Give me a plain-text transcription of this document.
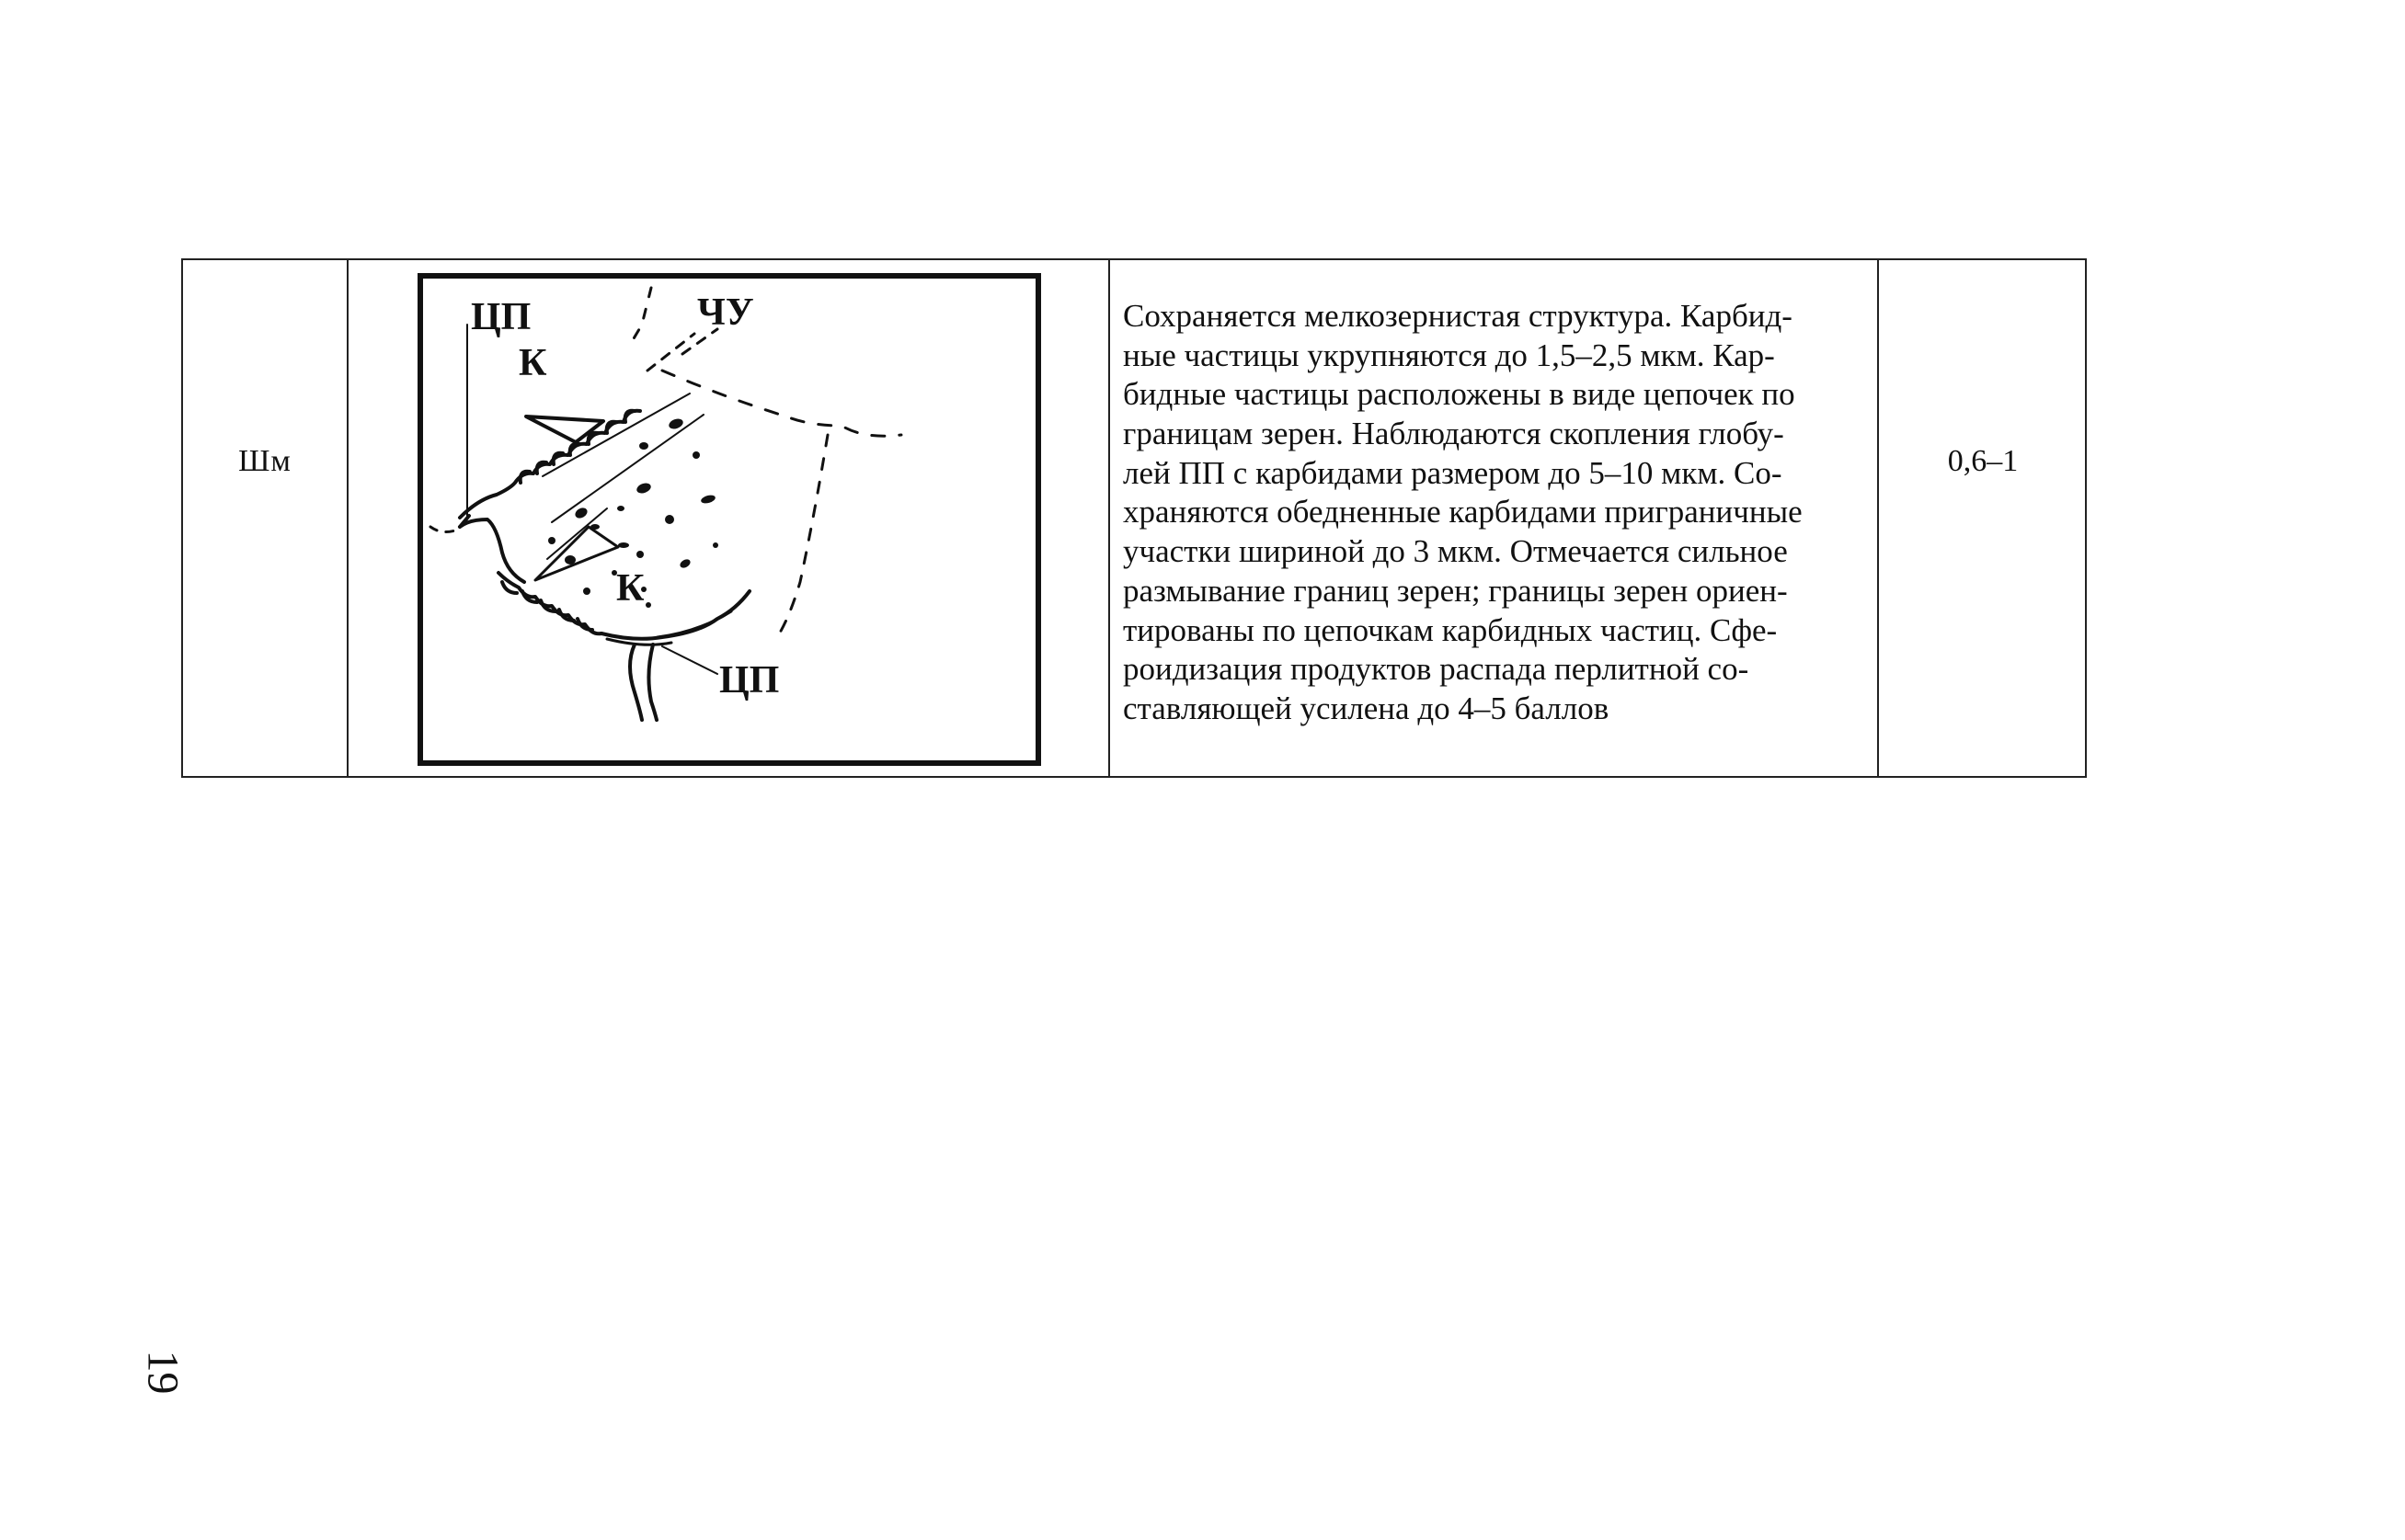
Шм
ЦП
К
ЧУ
К
ЦП
Сохраняется мелкозернистая структура. Карбид-
ные частицы укрупняются до 1,5–2,5 мкм. Кар-
бидные частицы расположены в виде цепочек по
границам зерен. Наблюдаются скопления глобу-
лей ПП с карбидами размером до 5–10 мкм. Со-
храняются обедненные карбидами приграничные
участки шириной до 3 мкм. Отмечается сильное
размывание границ зерен; границы зерен ориен-
тированы по цепочкам карбидных частиц. Сфе-
роидизация продуктов распада перлитной со-
ставляющей усилена до 4–5 баллов
0,6–1
19
